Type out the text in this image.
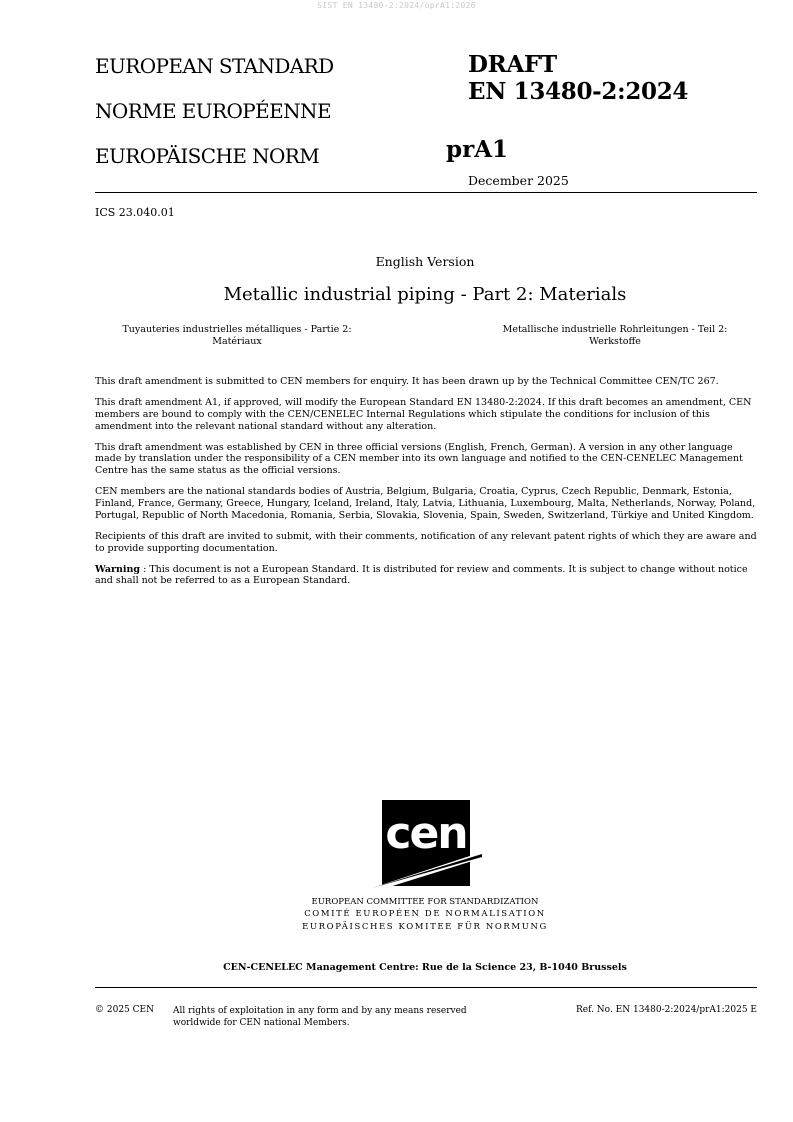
SIST EN 13480-2:2024/oprA1:2026
EUROPEAN STANDARD
NORME EUROPÉENNE
EUROPÄISCHE NORM
DRAFT
EN 13480-2:2024
prA1
December 2025
ICS 23.040.01
English Version
Metallic industrial piping - Part 2: Materials
Tuyauteries industrielles métalliques - Partie 2: Matériaux
Metallische industrielle Rohrleitungen - Teil 2: Werkstoffe

This draft amendment is submitted to CEN members for enquiry. It has been drawn up by the Technical Committee CEN/TC 267.

This draft amendment A1, if approved, will modify the European Standard EN 13480-2:2024. If this draft becomes an amendment, CEN members are bound to comply with the CEN/CENELEC Internal Regulations which stipulate the conditions for inclusion of this amendment into the relevant national standard without any alteration.

This draft amendment was established by CEN in three official versions (English, French, German). A version in any other language made by translation under the responsibility of a CEN member into its own language and notified to the CEN-CENELEC Management Centre has the same status as the official versions.

CEN members are the national standards bodies of Austria, Belgium, Bulgaria, Croatia, Cyprus, Czech Republic, Denmark, Estonia, Finland, France, Germany, Greece, Hungary, Iceland, Ireland, Italy, Latvia, Lithuania, Luxembourg, Malta, Netherlands, Norway, Poland, Portugal, Republic of North Macedonia, Romania, Serbia, Slovakia, Slovenia, Spain, Sweden, Switzerland, Türkiye and United Kingdom.

Recipients of this draft are invited to submit, with their comments, notification of any relevant patent rights of which they are aware and to provide supporting documentation.

Warning : This document is not a European Standard. It is distributed for review and comments. It is subject to change without notice and shall not be referred to as a European Standard.

cen
EUROPEAN COMMITTEE FOR STANDARDIZATION
COMITÉ EUROPÉEN DE NORMALISATION
EUROPÄISCHES KOMITEE FÜR NORMUNG
CEN-CENELEC Management Centre: Rue de la Science 23, B-1040 Brussels
© 2025 CEN All rights of exploitation in any form and by any means reserved
worldwide for CEN national Members.
Ref. No. EN 13480-2:2024/prA1:2025 E
